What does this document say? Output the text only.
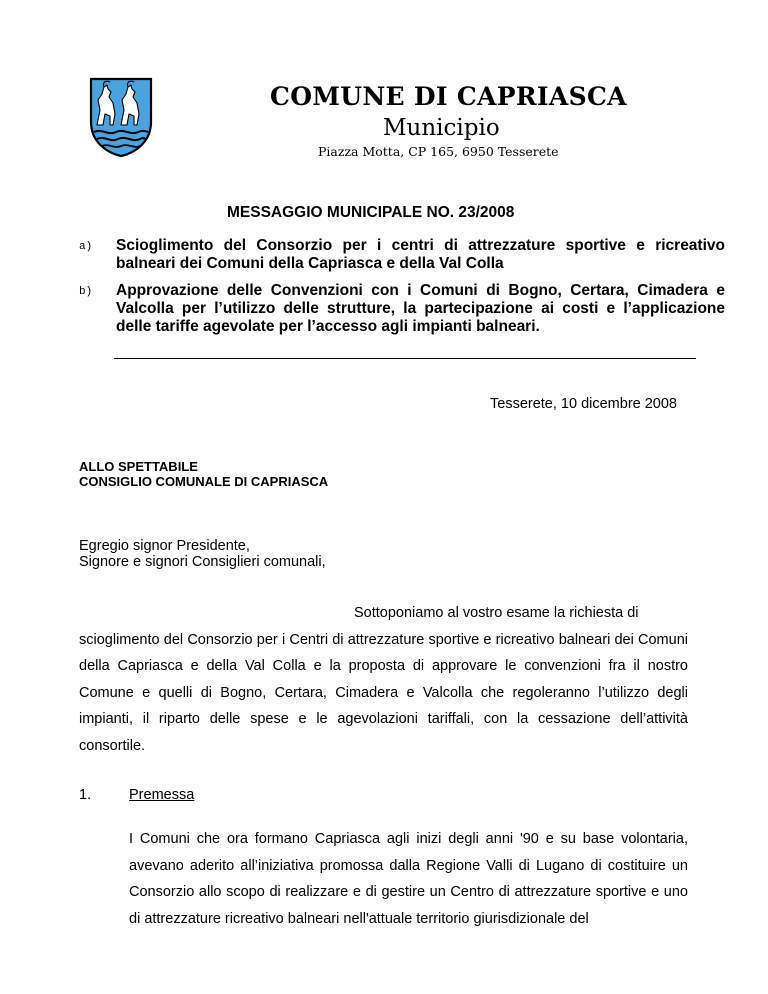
COMUNE DI CAPRIASCA
Municipio
Piazza Motta, CP 165, 6950 Tesserete
MESSAGGIO MUNICIPALE NO. 23/2008
a) Scioglimento del Consorzio per i centri di attrezzature sportive e ricreativo balneari dei Comuni della Capriasca e della Val Colla
b) Approvazione delle Convenzioni con i Comuni di Bogno, Certara, Cimadera e Valcolla per l’utilizzo delle strutture, la partecipazione ai costi e l’applicazione delle tariffe agevolate per l’accesso agli impianti balneari.
Tesserete, 10 dicembre 2008
ALLO SPETTABILE
CONSIGLIO COMUNALE DI CAPRIASCA
Egregio signor Presidente,
Signore e signori Consiglieri comunali,
Sottoponiamo al vostro esame la richiesta di
scioglimento del Consorzio per i Centri di attrezzature sportive e ricreativo balneari dei Comuni della Capriasca e della Val Colla e la proposta di approvare le convenzioni fra il nostro Comune e quelli di Bogno, Certara, Cimadera e Valcolla che regoleranno l’utilizzo degli impianti, il riparto delle spese e le agevolazioni tariffali, con la cessazione dell’attività consortile.
1.	Premessa
I Comuni che ora formano Capriasca agli inizi degli anni '90 e su base volontaria, avevano aderito all’iniziativa promossa dalla Regione Valli di Lugano di costituire un Consorzio allo scopo di realizzare e di gestire un Centro di attrezzature sportive e uno di attrezzature ricreativo balneari nell'attuale territorio giurisdizionale del
